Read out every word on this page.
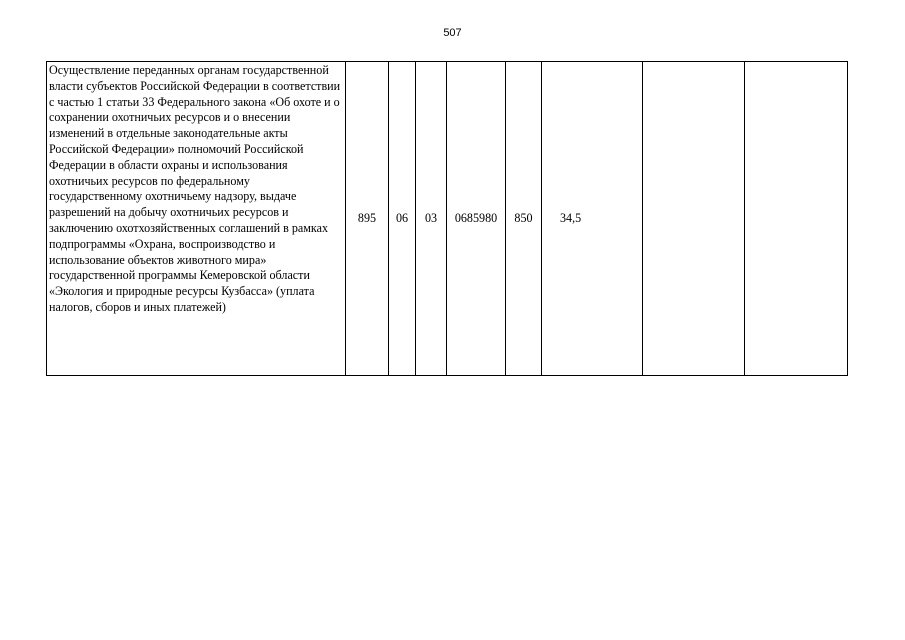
507
Осуществление переданных органам государственной власти субъектов Российской Федерации в соответствии с частью 1 статьи 33 Федерального закона «Об охоте и о сохранении охотничьих ресурсов и о внесении изменений в отдельные законодательные акты Российской Федерации» полномочий Российской Федерации в области охраны и использования охотничьих ресурсов по федеральному государственному охотничьему надзору, выдаче разрешений на добычу охотничьих ресурсов и заключению охотхозяйственных соглашений в рамках подпрограммы «Охрана, воспроизводство и использование объектов животного мира» государственной программы Кемеровской области «Экология и природные ресурсы Кузбасса» (уплата налогов, сборов и иных платежей)	895	06	03	0685980	850	34,5		
